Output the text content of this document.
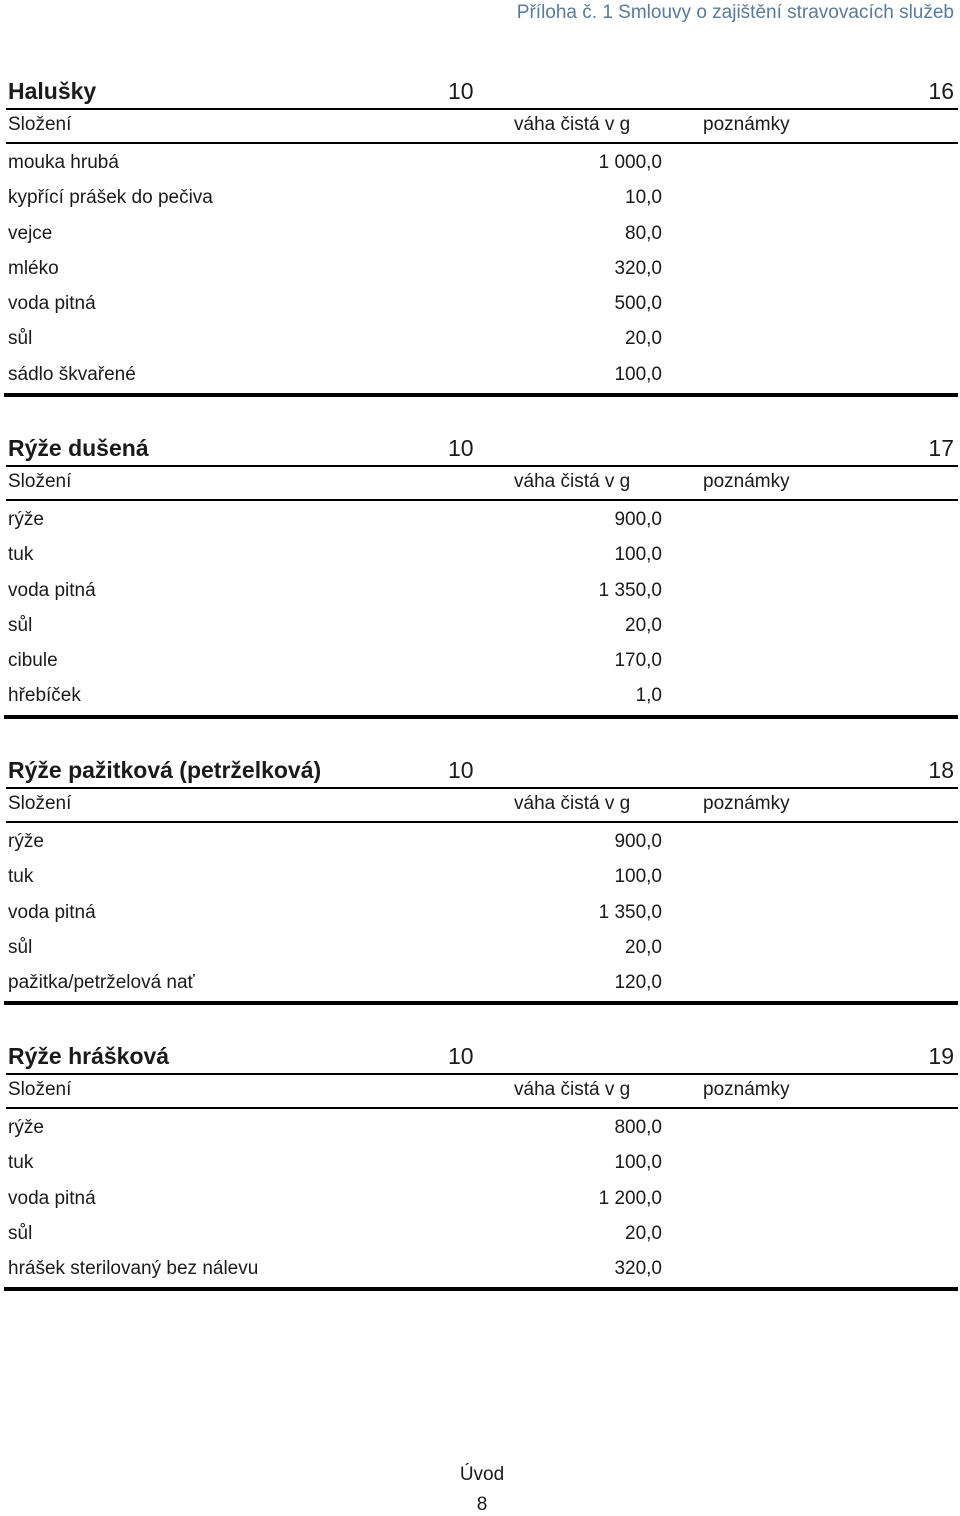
Příloha č. 1 Smlouvy o zajištění stravovacích služeb
Halušky	10	16
Složení	váha čistá v g	poznámky
mouka hrubá	1 000,0
kypřící prášek do pečiva	10,0
vejce	80,0
mléko	320,0
voda pitná	500,0
sůl	20,0
sádlo škvařené	100,0
Rýže dušená	10	17
Složení	váha čistá v g	poznámky
rýže	900,0
tuk	100,0
voda pitná	1 350,0
sůl	20,0
cibule	170,0
hřebíček	1,0
Rýže pažitková (petrželková)	10	18
Složení	váha čistá v g	poznámky
rýže	900,0
tuk	100,0
voda pitná	1 350,0
sůl	20,0
pažitka/petrželová nať	120,0
Rýže hrášková	10	19
Složení	váha čistá v g	poznámky
rýže	800,0
tuk	100,0
voda pitná	1 200,0
sůl	20,0
hrášek sterilovaný bez nálevu	320,0
Úvod
8
